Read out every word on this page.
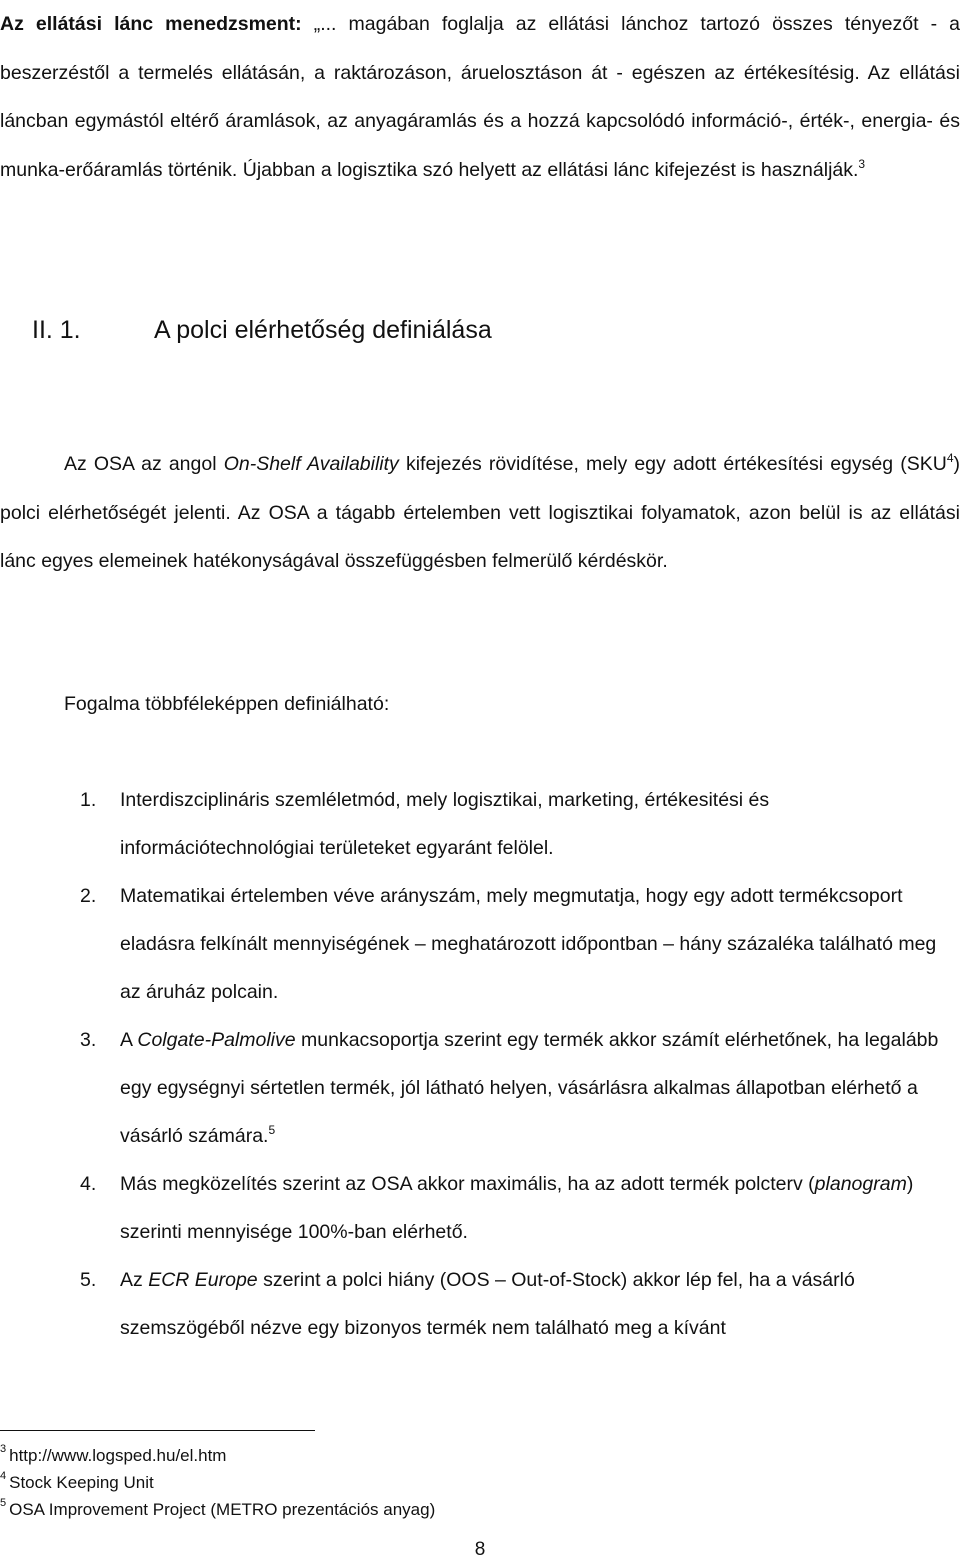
Az ellátási lánc menedzsment: „... magában foglalja az ellátási lánchoz tartozó összes tényezőt - a beszerzéstől a termelés ellátásán, a raktározáson, áruelosztáson át - egészen az értékesítésig. Az ellátási láncban egymástól eltérő áramlások, az anyagáramlás és a hozzá kapcsolódó információ-, érték-, energia- és munka-erőáramlás történik. Újabban a logisztika szó helyett az ellátási lánc kifejezést is használják.$^3$

II. 1.	A polci elérhetőség definiálása

Az OSA az angol On-Shelf Availability kifejezés rövidítése, mely egy adott értékesítési egység (SKU$^4$) polci elérhetőségét jelenti. Az OSA a tágabb értelemben vett logisztikai folyamatok, azon belül is az ellátási lánc egyes elemeinek hatékonyságával összefüggésben felmerülő kérdéskör.

Fogalma többféleképpen definiálható:
1. Interdiszciplináris szemléletmód, mely logisztikai, marketing, értékesitési és információtechnológiai területeket egyaránt felölel.
2. Matematikai értelemben véve arányszám, mely megmutatja, hogy egy adott termékcsoport eladásra felkínált mennyiségének – meghatározott időpontban – hány százaléka található meg az áruház polcain.
3. A Colgate-Palmolive munkacsoportja szerint egy termék akkor számít elérhetőnek, ha legalább egy egységnyi sértetlen termék, jól látható helyen, vásárlásra alkalmas állapotban elérhető a vásárló számára.$^5$
4. Más megközelítés szerint az OSA akkor maximális, ha az adott termék polcterv (planogram) szerinti mennyisége 100%-ban elérhető.
5. Az ECR Europe szerint a polci hiány (OOS – Out-of-Stock) akkor lép fel, ha a vásárló szemszögéből nézve egy bizonyos termék nem található meg a kívánt
$^3$ http://www.logsped.hu/el.htm
$^4$ Stock Keeping Unit
$^5$ OSA Improvement Project (METRO prezentációs anyag)
8
